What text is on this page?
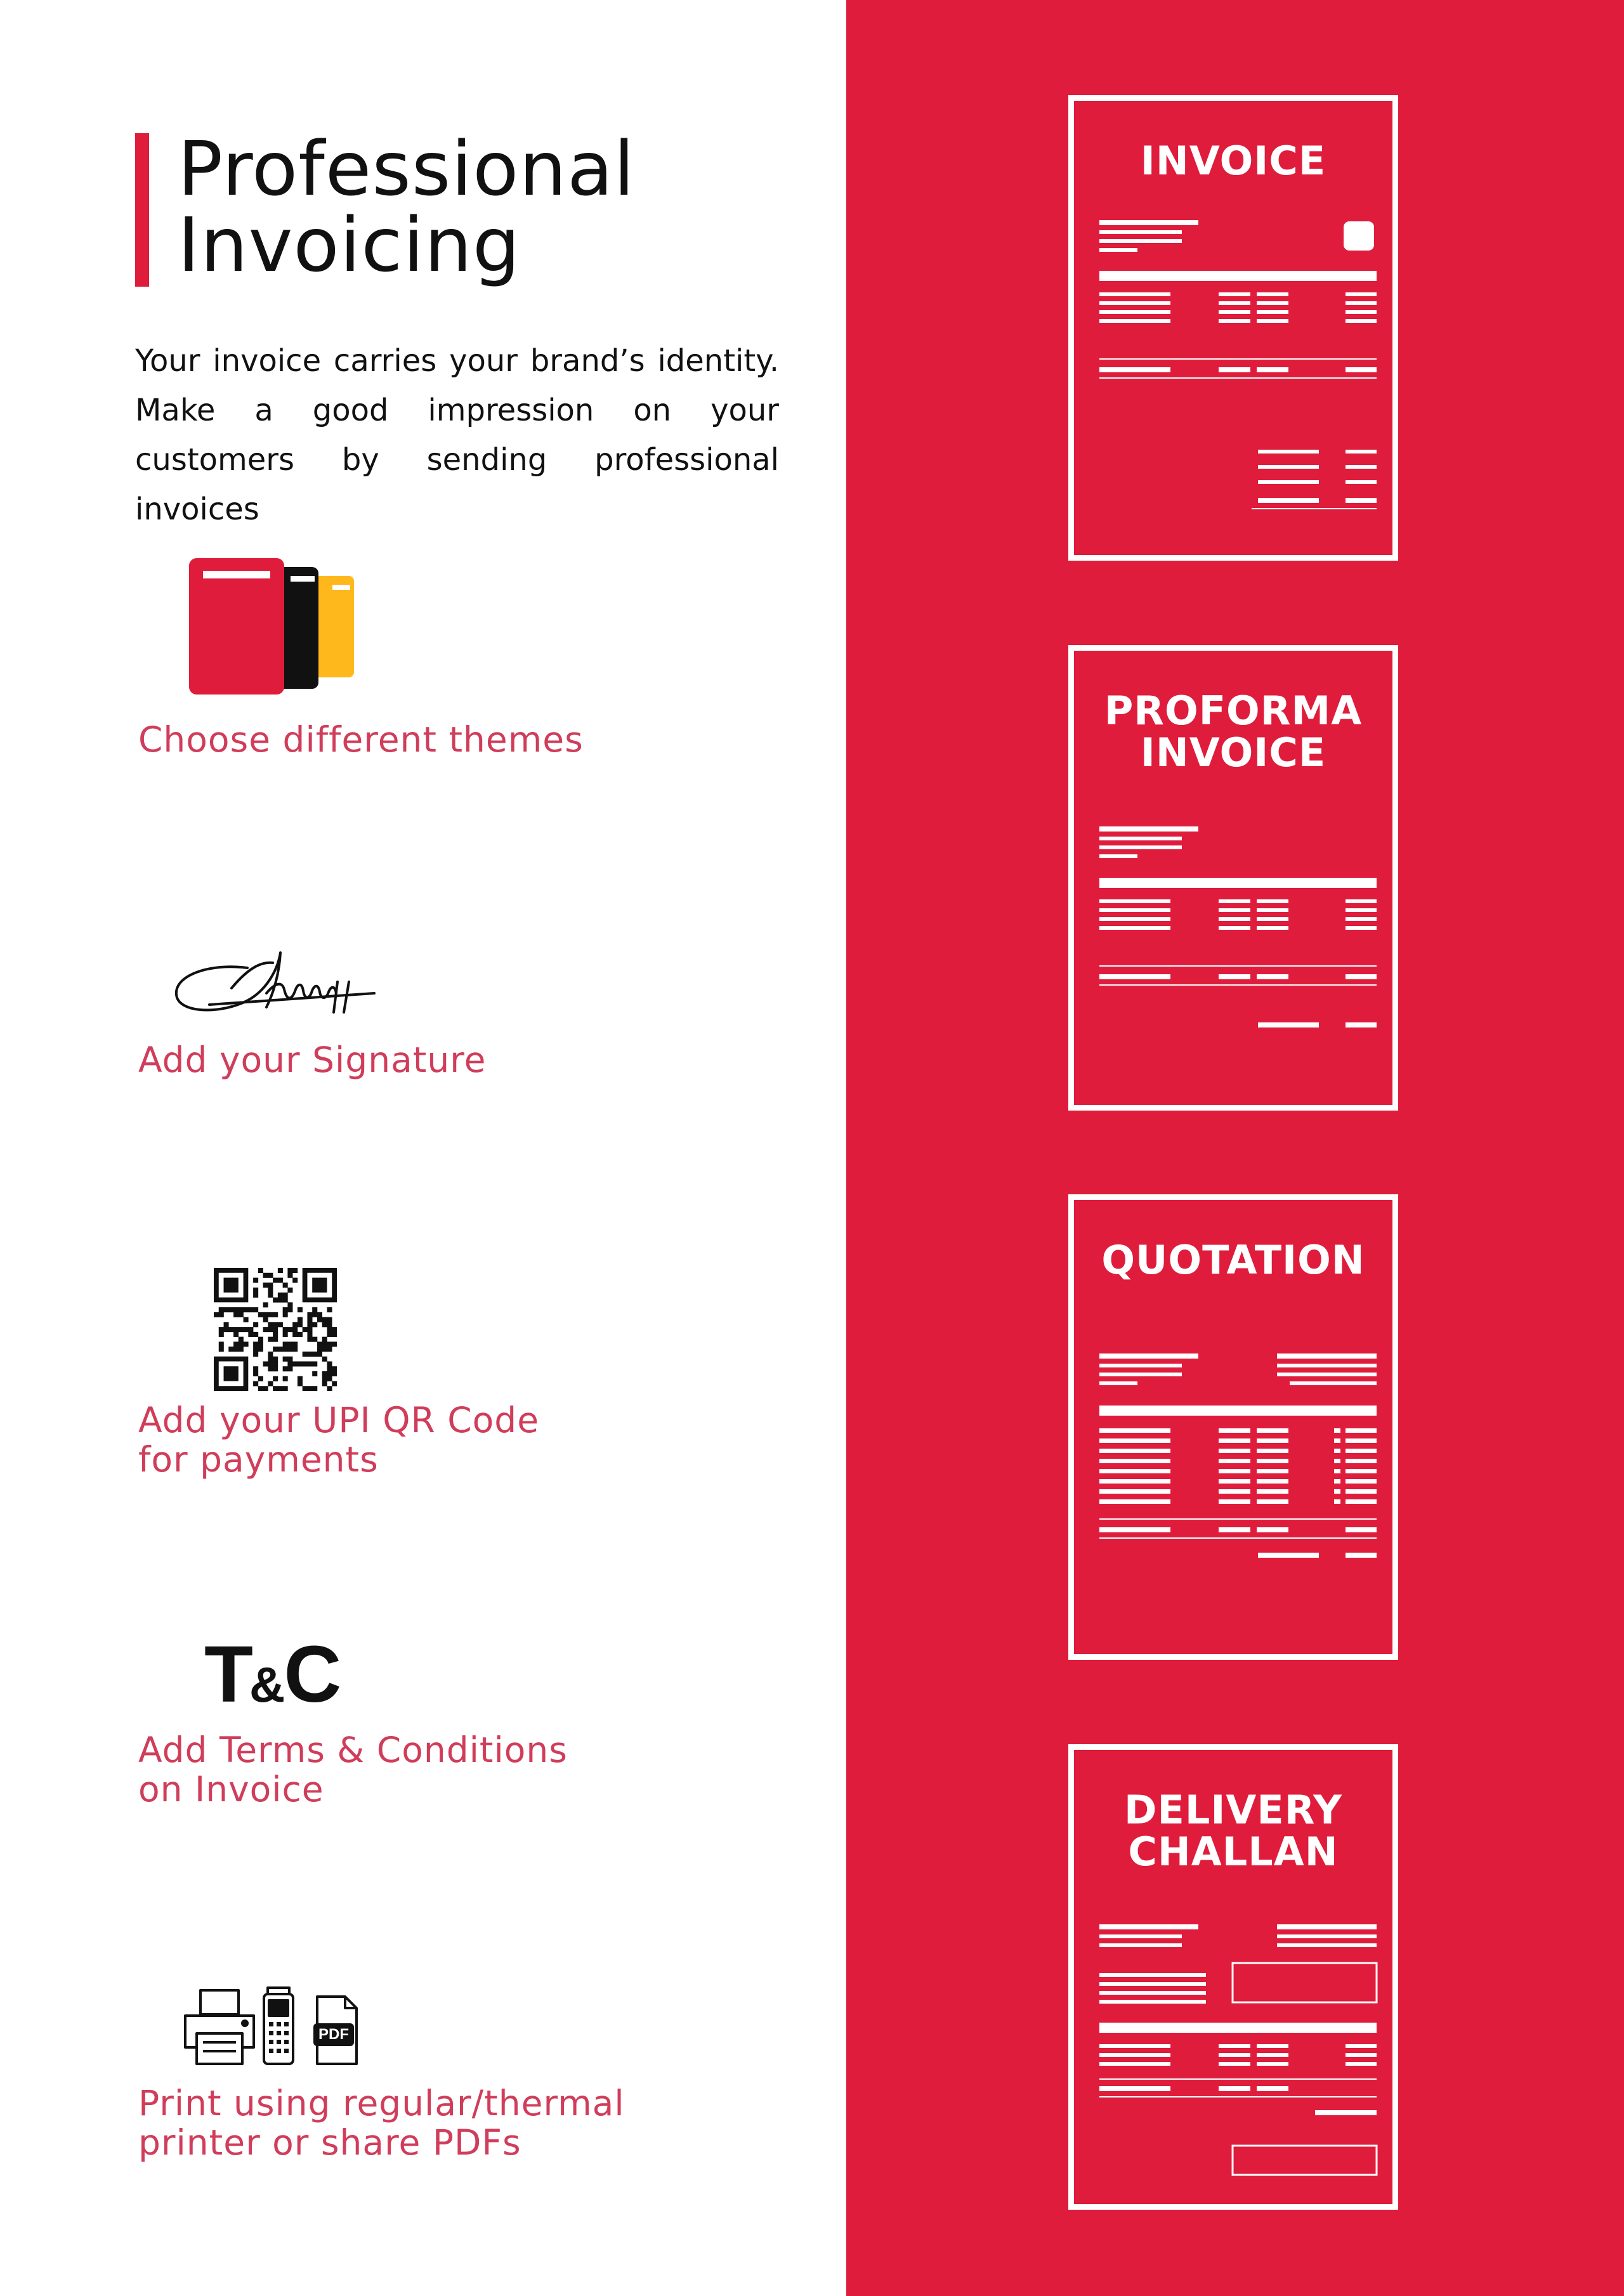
Professional
Invoicing

Your invoice carries your brand’s identity. Make a good impression on your customers by sending professional invoices

Choose different themes

Add your Signature

Add your UPI QR Code
for payments

T&C

Add Terms & Conditions
on Invoice

PDF

Print using regular/thermal
printer or share PDFs

INVOICE
PROFORMA
INVOICE
QUOTATION
DELIVERY
CHALLAN
